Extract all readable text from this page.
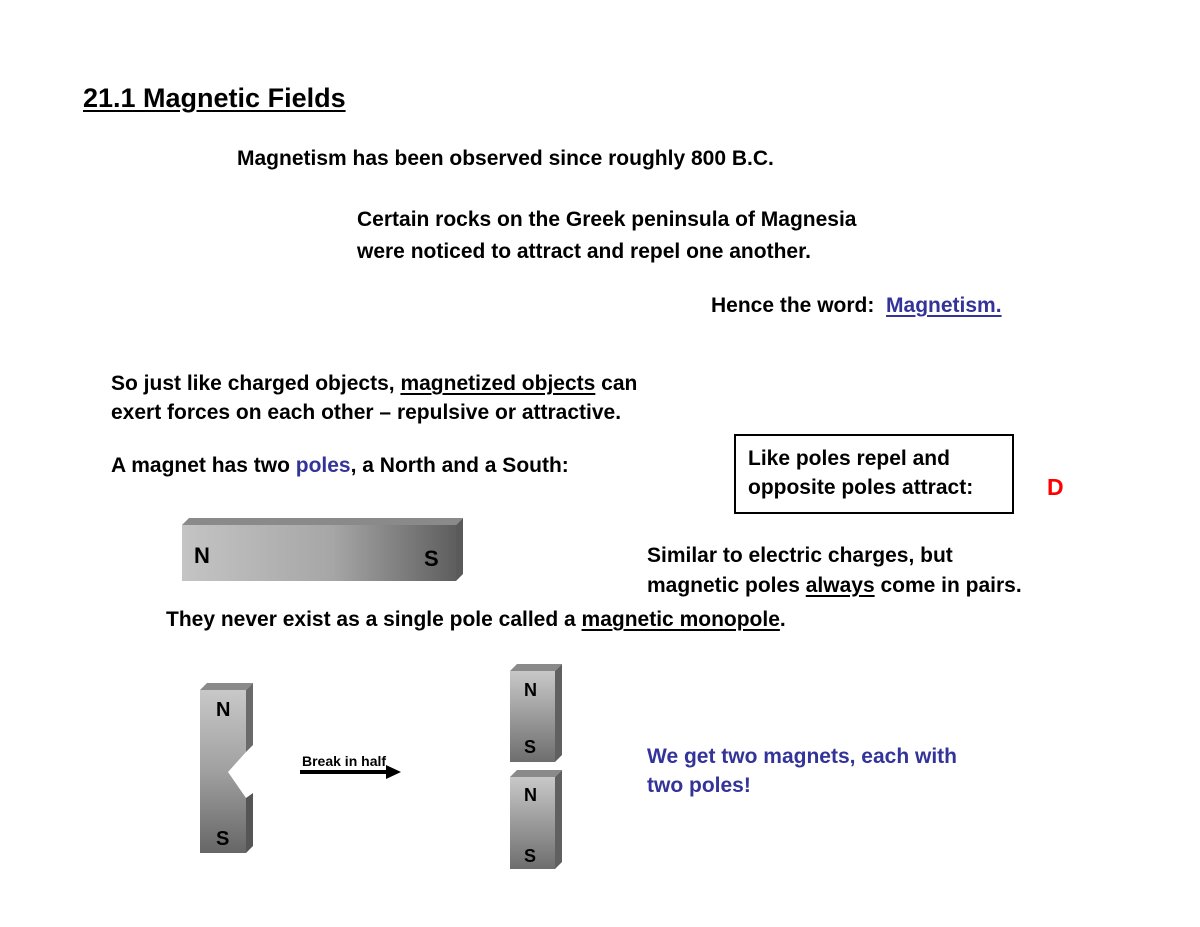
21.1 Magnetic Fields
Magnetism has been observed since roughly 800 B.C.
Certain rocks on the Greek peninsula of Magnesia
were noticed to attract and repel one another.
Hence the word: Magnetism.
So just like charged objects, magnetized objects can
exert forces on each other – repulsive or attractive.
A magnet has two poles, a North and a South:	Like poles repel and
opposite poles attract:	D
Similar to electric charges, but
magnetic poles always come in pairs.
They never exist as a single pole called a magnetic monopole.
We get two magnets, each with
two poles!
N	S
N
S
Break in half
N
S
N
S
